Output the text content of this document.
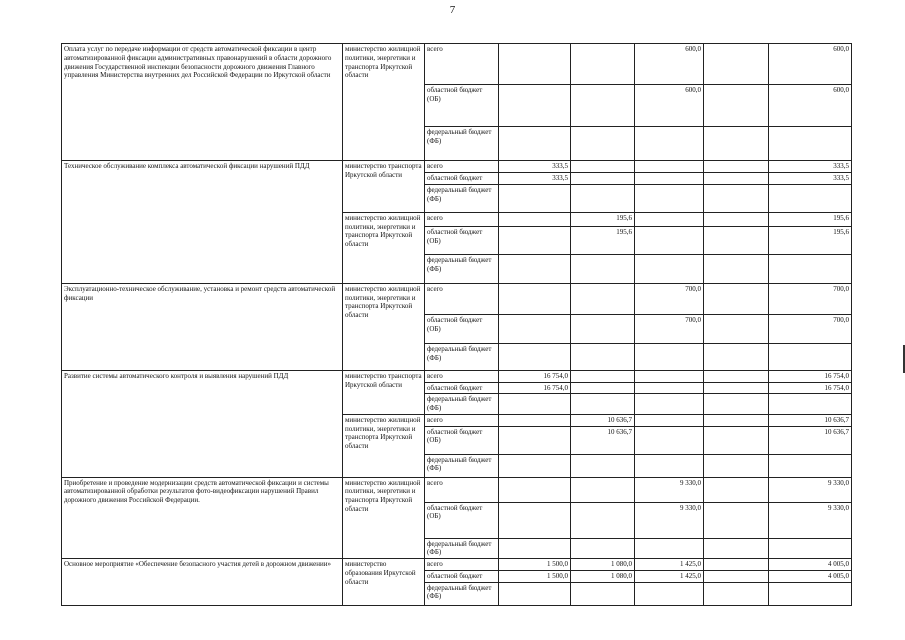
7
Оплата услуг по передаче информации от средств автоматической фиксации в центр автоматизированной фиксации административных правонарушений в области дорожного движения Государственной инспекции безопасности дорожного движения Главного управления Министерства внутренних дел Российской Федерации по Иркутской области	министерство жилищной политики, энергетики и транспорта Иркутской области	всего			600,0		600,0
		областной бюджет (ОБ)			600,0		600,0
		федеральный бюджет (ФБ)					
Техническое обслуживание комплекса автоматической фиксации нарушений ПДД	министерство транспорта Иркутской области	всего	333,5				333,5
		областной бюджет	333,5				333,5
		федеральный бюджет (ФБ)					
	министерство жилищной политики, энергетики и транспорта Иркутской области	всего		195,6			195,6
		областной бюджет (ОБ)		195,6			195,6
		федеральный бюджет (ФБ)					
Эксплуатационно-техническое обслуживание, установка и ремонт средств автоматической фиксации	министерство жилищной политики, энергетики и транспорта Иркутской области	всего			700,0		700,0
		областной бюджет (ОБ)			700,0		700,0
		федеральный бюджет (ФБ)					
Развитие системы автоматического контроля и выявления нарушений ПДД	министерство транспорта Иркутской области	всего	16 754,0				16 754,0
		областной бюджет	16 754,0				16 754,0
		федеральный бюджет (ФБ)					
	министерство жилищной политики, энергетики и транспорта Иркутской области	всего		10 636,7			10 636,7
		областной бюджет (ОБ)		10 636,7			10 636,7
		федеральный бюджет (ФБ)					
Приобретение и проведение модернизации средств автоматической фиксации и системы автоматизированной обработки результатов фото-видеофиксации нарушений Правил дорожного движения Российской Федерации.	министерство жилищной политики, энергетики и транспорта Иркутской области	всего			9 330,0		9 330,0
		областной бюджет (ОБ)			9 330,0		9 330,0
		федеральный бюджет (ФБ)					
Основное мероприятие «Обеспечение безопасного участия детей в дорожном движении»	министерство образования Иркутской области	всего	1 500,0	1 080,0	1 425,0		4 005,0
		областной бюджет	1 500,0	1 080,0	1 425,0		4 005,0
		федеральный бюджет (ФБ)					
